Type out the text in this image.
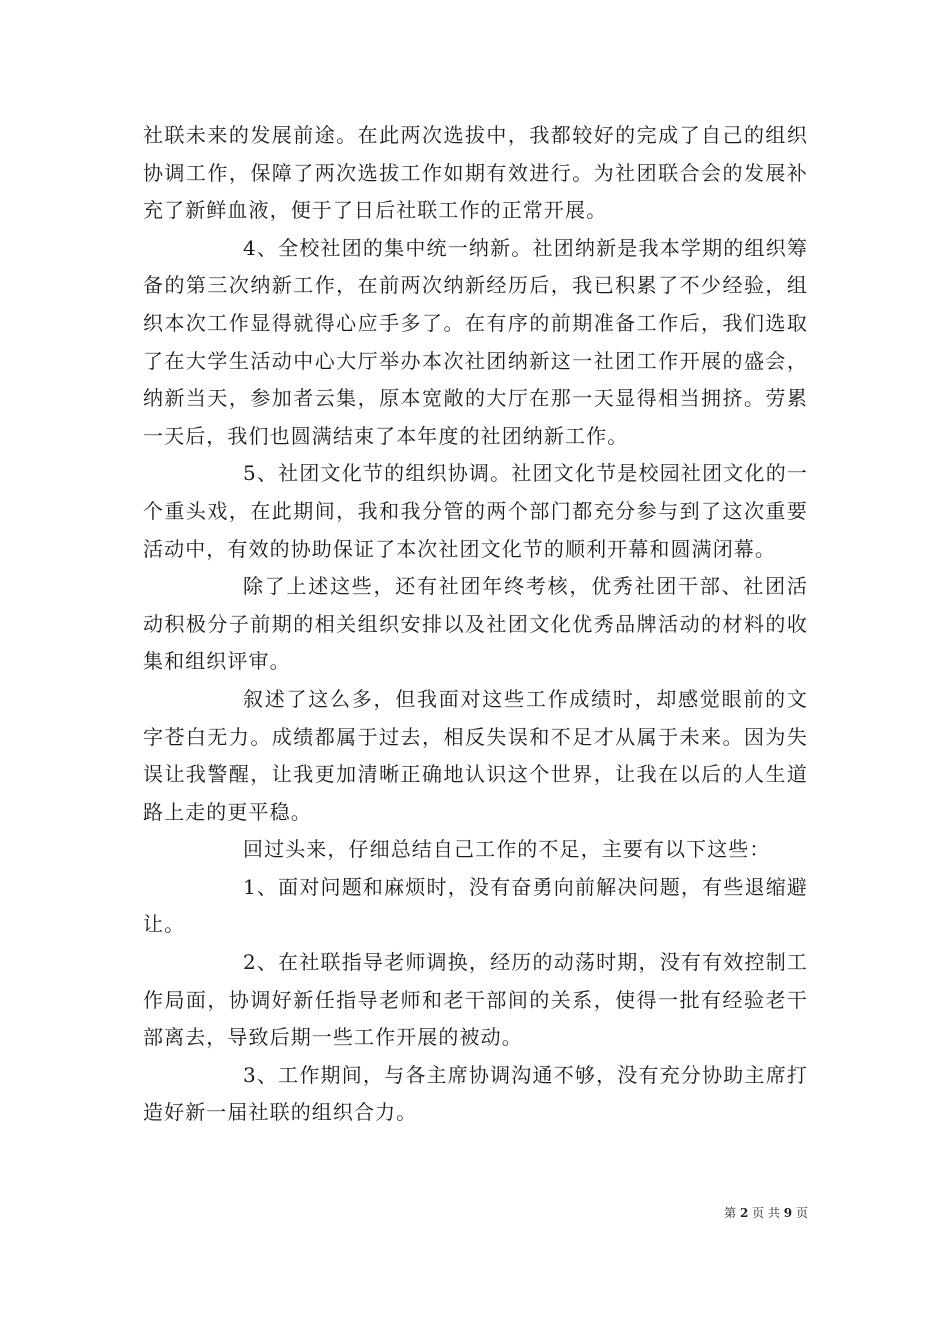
社联未来的发展前途。在此两次选拔中，我都较好的完成了自己的组织协调工作，保障了两次选拔工作如期有效进行。为社团联合会的发展补充了新鲜血液，便于了日后社联工作的正常开展。

4、全校社团的集中统一纳新。社团纳新是我本学期的组织筹备的第三次纳新工作，在前两次纳新经历后，我已积累了不少经验，组织本次工作显得就得心应手多了。在有序的前期准备工作后，我们选取了在大学生活动中心大厅举办本次社团纳新这一社团工作开展的盛会，纳新当天，参加者云集，原本宽敞的大厅在那一天显得相当拥挤。劳累一天后，我们也圆满结束了本年度的社团纳新工作。

5、社团文化节的组织协调。社团文化节是校园社团文化的一个重头戏，在此期间，我和我分管的两个部门都充分参与到了这次重要活动中，有效的协助保证了本次社团文化节的顺利开幕和圆满闭幕。

除了上述这些，还有社团年终考核，优秀社团干部、社团活动积极分子前期的相关组织安排以及社团文化优秀品牌活动的材料的收集和组织评审。

叙述了这么多，但我面对这些工作成绩时，却感觉眼前的文字苍白无力。成绩都属于过去，相反失误和不足才从属于未来。因为失误让我警醒，让我更加清晰正确地认识这个世界，让我在以后的人生道路上走的更平稳。

回过头来，仔细总结自己工作的不足，主要有以下这些：

1、面对问题和麻烦时，没有奋勇向前解决问题，有些退缩避让。

2、在社联指导老师调换，经历的动荡时期，没有有效控制工作局面，协调好新任指导老师和老干部间的关系，使得一批有经验老干部离去，导致后期一些工作开展的被动。

3、工作期间，与各主席协调沟通不够，没有充分协助主席打造好新一届社联的组织合力。

第 2 页 共 9 页
